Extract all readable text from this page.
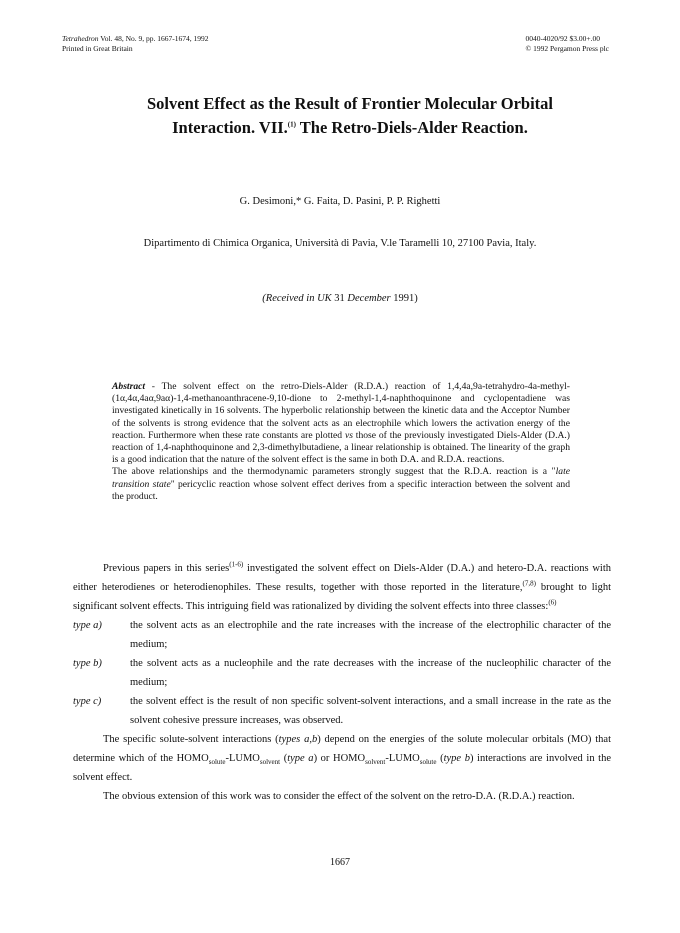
Tetrahedron Vol. 48, No. 9, pp. 1667-1674, 1992
Printed in Great Britain
0040-4020/92 $3.00+.00
© 1992 Pergamon Press plc
Solvent Effect as the Result of Frontier Molecular Orbital
Interaction. VII.$^{(1)}$ The Retro-Diels-Alder Reaction.
G. Desimoni,* G. Faita, D. Pasini, P. P. Righetti
Dipartimento di Chimica Organica, Università di Pavia, V.le Taramelli 10, 27100 Pavia, Italy.
(Received in UK 31 December 1991)

Abstract - The solvent effect on the retro-Diels-Alder (R.D.A.) reaction of 1,4,4a,9a-tetrahydro-4a-methyl-(1α,4α,4aα,9aα)-1,4-methanoanthracene-9,10-dione to 2-methyl-1,4-naphthoquinone and cyclopentadiene was investigated kinetically in 16 solvents. The hyperbolic relationship between the kinetic data and the Acceptor Number of the solvents is strong evidence that the solvent acts as an electrophile which lowers the activation energy of the reaction. Furthermore when these rate constants are plotted vs those of the previously investigated Diels-Alder (D.A.) reaction of 1,4-naphthoquinone and 2,3-dimethylbutadiene, a linear relationship is obtained. The linearity of the graph is a good indication that the nature of the solvent effect is the same in both D.A. and R.D.A. reactions.

The above relationships and the thermodynamic parameters strongly suggest that the R.D.A. reaction is a "late transition state" pericyclic reaction whose solvent effect derives from a specific interaction between the solvent and the product.

Previous papers in this series$^{(1-6)}$ investigated the solvent effect on Diels-Alder (D.A.) and hetero-D.A. reactions with either heterodienes or heterodienophiles. These results, together with those reported in the literature,$^{(7,8)}$ brought to light significant solvent effects. This intriguing field was rationalized by dividing the solvent effects into three classes:$^{(6)}$

type a)	the solvent acts as an electrophile and the rate increases with the increase of the electrophilic character of the medium;
type b)	the solvent acts as a nucleophile and the rate decreases with the increase of the nucleophilic character of the medium;
type c)	the solvent effect is the result of non specific solvent-solvent interactions, and a small increase in the rate as the solvent cohesive pressure increases, was observed.

The specific solute-solvent interactions (types a,b) depend on the energies of the solute molecular orbitals (MO) that determine which of the $HOMO_{solute}-LUMO_{solvent}$ (type a) or $HOMO_{solvent}-LUMO_{solute}$ (type b) interactions are involved in the solvent effect.

The obvious extension of this work was to consider the effect of the solvent on the retro-D.A. (R.D.A.) reaction.

1667
